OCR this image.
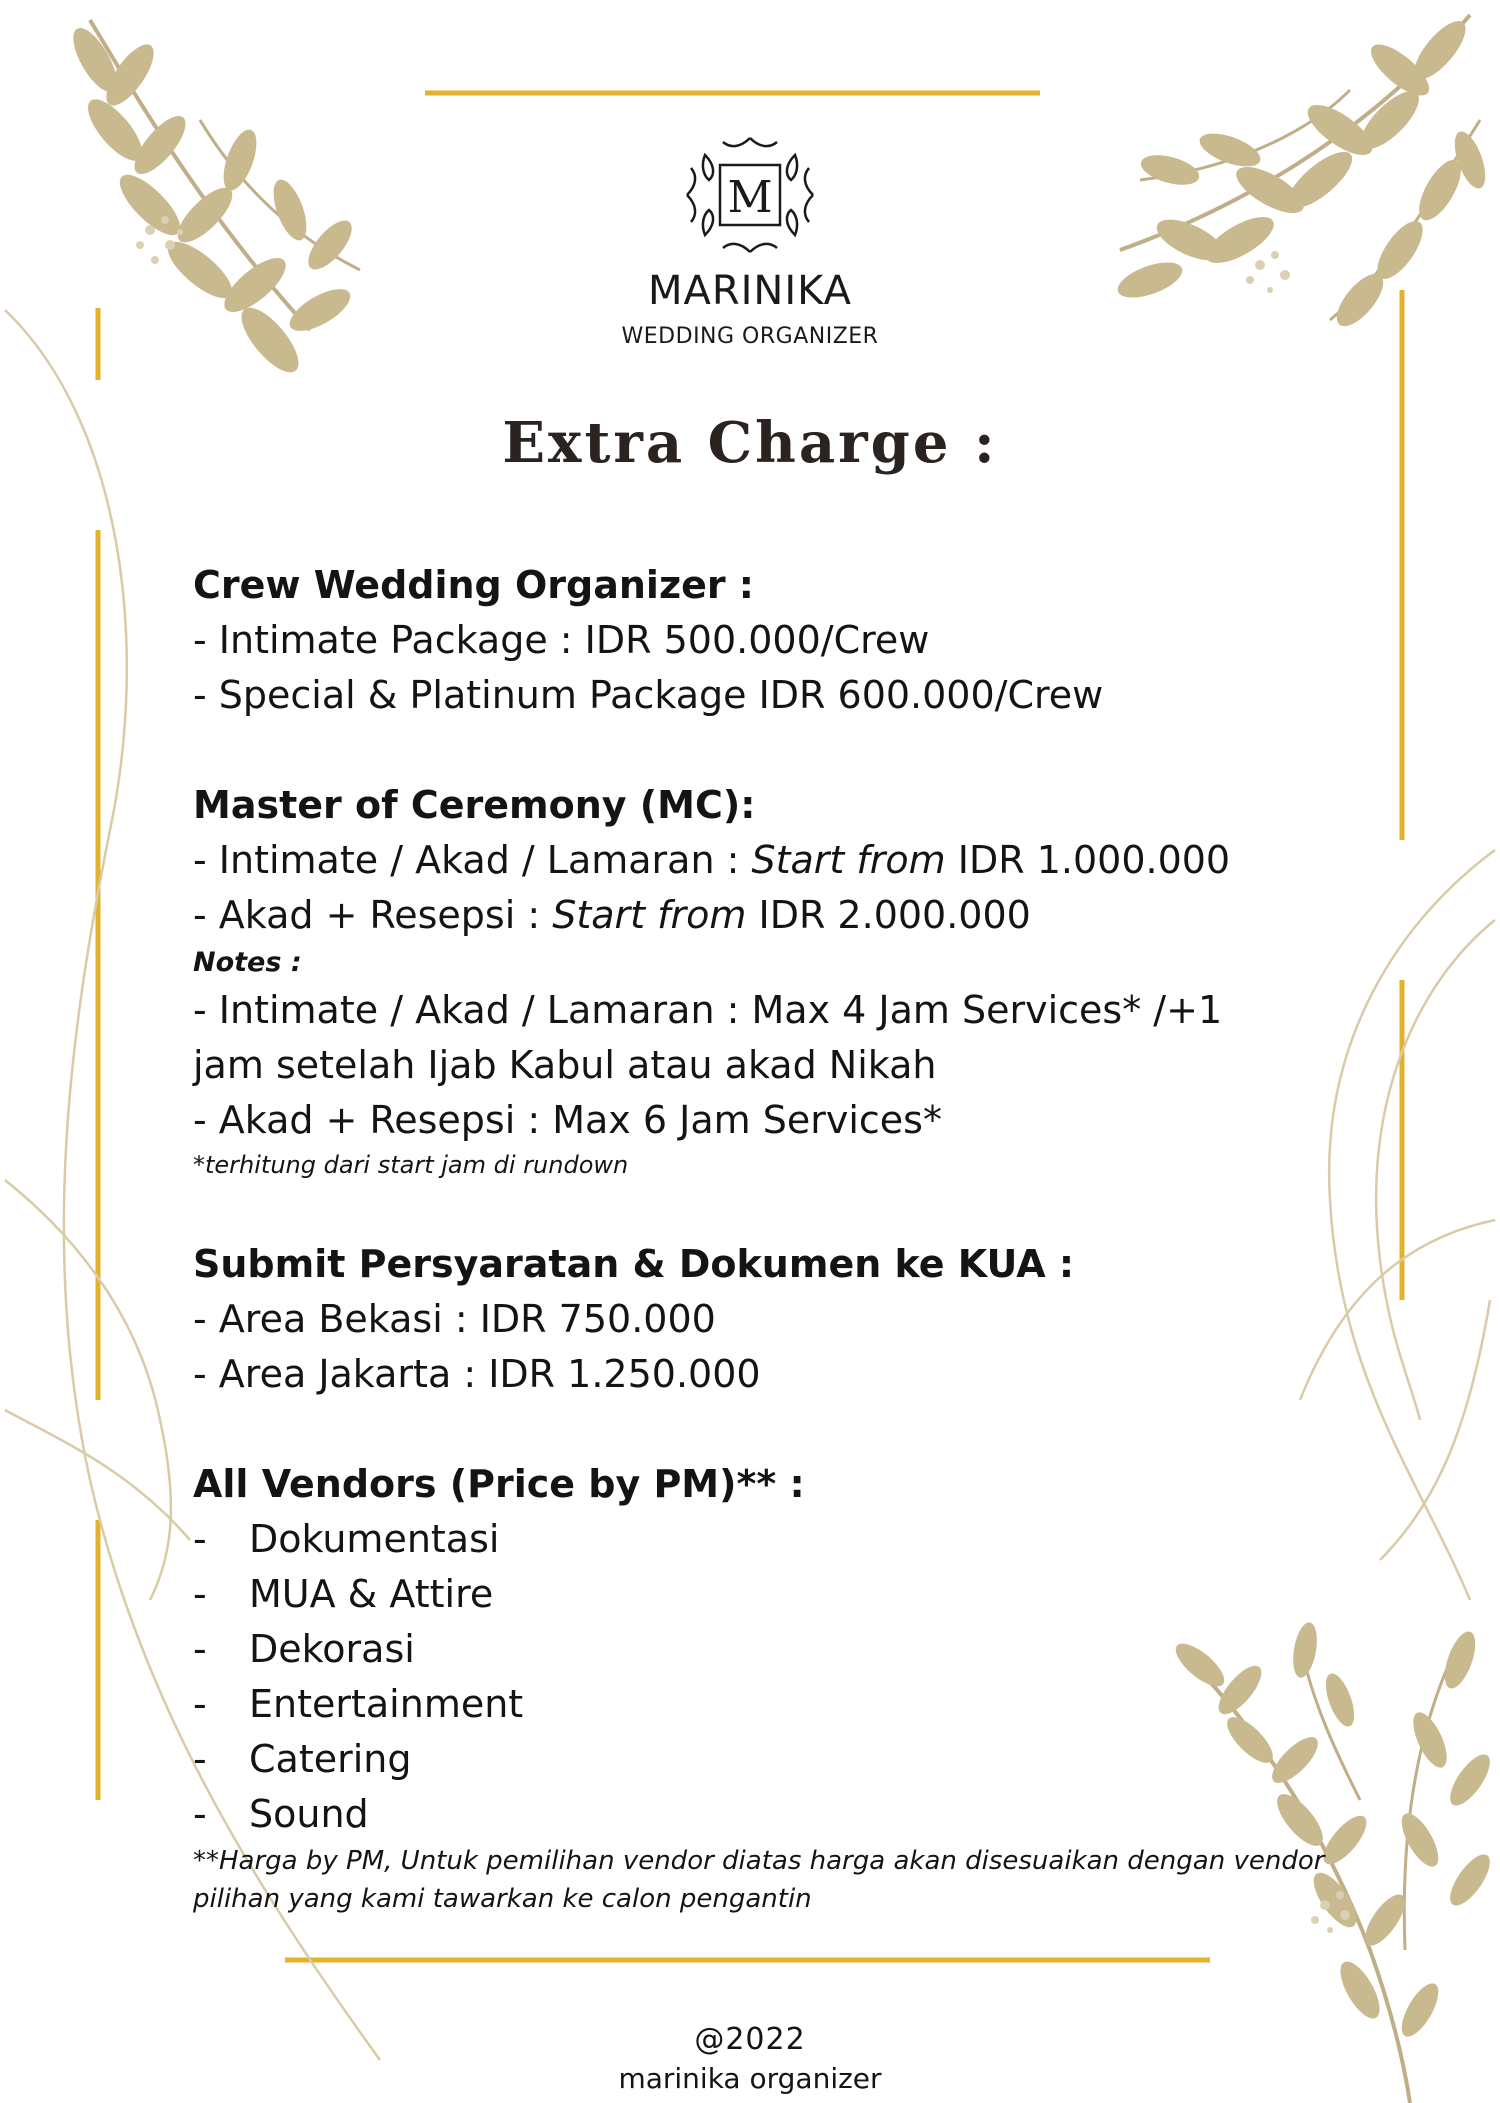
M
MARINIKA
WEDDING ORGANIZER
Extra Charge :

Crew Wedding Organizer :

- Intimate Package : IDR 500.000/Crew

- Special & Platinum Package IDR 600.000/Crew

Master of Ceremony (MC):

- Intimate / Akad / Lamaran : Start from IDR 1.000.000

- Akad + Resepsi : Start from IDR 2.000.000

Notes :

- Intimate / Akad / Lamaran : Max 4 Jam Services* /+1

jam setelah Ijab Kabul atau akad Nikah

- Akad + Resepsi : Max 6 Jam Services*

*terhitung dari start jam di rundown

Submit Persyaratan & Dokumen ke KUA :

- Area Bekasi : IDR 750.000

- Area Jakarta : IDR 1.250.000

All Vendors (Price by PM)** :

- Dokumentasi

- MUA & Attire

- Dekorasi

- Entertainment

- Catering

- Sound

**Harga by PM, Untuk pemilihan vendor diatas harga akan disesuaikan dengan vendor pilihan yang kami tawarkan ke calon pengantin

@2022
marinika organizer
